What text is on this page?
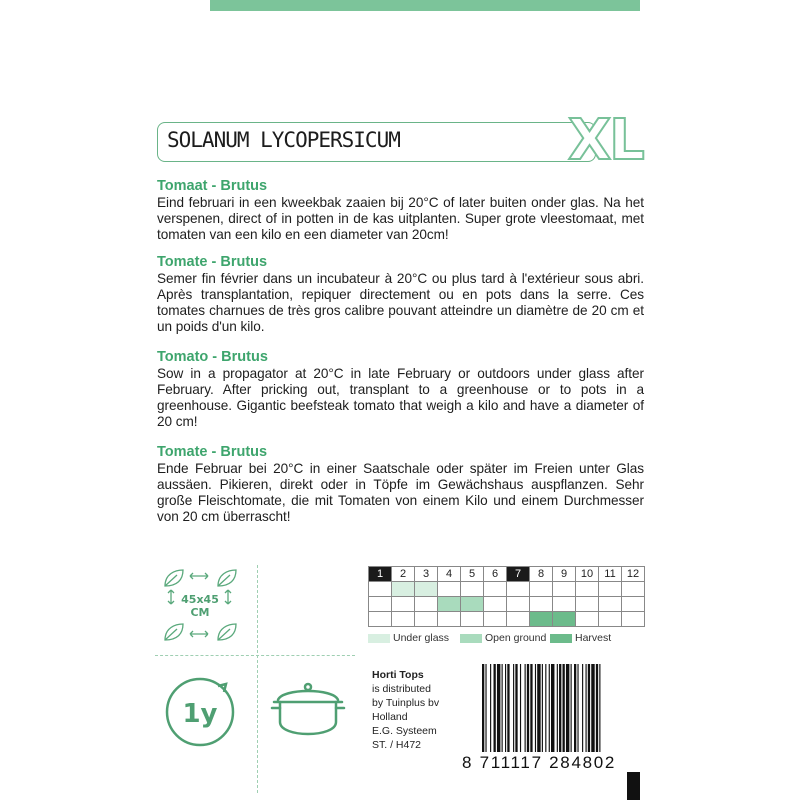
SOLANUM LYCOPERSICUM	XL
Tomaat - Brutus

Eind februari in een kweekbak zaaien bij 20°C of later buiten onder glas. Na het verspenen, direct of in potten in de kas uitplanten. Super grote vleestomaat, met tomaten van een kilo en een diameter van 20cm!

Tomate - Brutus

Semer fin février dans un incubateur à 20°C ou plus tard à l'extérieur sous abri. Après transplantation, repiquer directement ou en pots dans la serre. Ces tomates charnues de très gros calibre pouvant atteindre un diamètre de 20 cm et un poids d'un kilo.

Tomato - Brutus

Sow in a propagator at 20°C in late February or outdoors under glass after February. After pricking out, transplant to a greenhouse or to pots in a greenhouse. Gigantic beefsteak tomato that weigh a kilo and have a diameter of 20 cm!

Tomate - Brutus

Ende Februar bei 20°C in einer Saatschale oder später im Freien unter Glas aussäen. Pikieren, direkt oder in Töpfe im Gewächshaus auspflanzen. Sehr große Fleischtomate, die mit Tomaten von einem Kilo und einem Durchmesser von 20 cm überrascht!

45x45
CM
1y
1	2	3	4	5	6	7	8	9	10	11	12

Under glass	Open ground	Harvest
Horti Tops
is distributed
by Tuinplus bv
Holland
E.G. Systeem
ST. / H472
8 711117 284802
